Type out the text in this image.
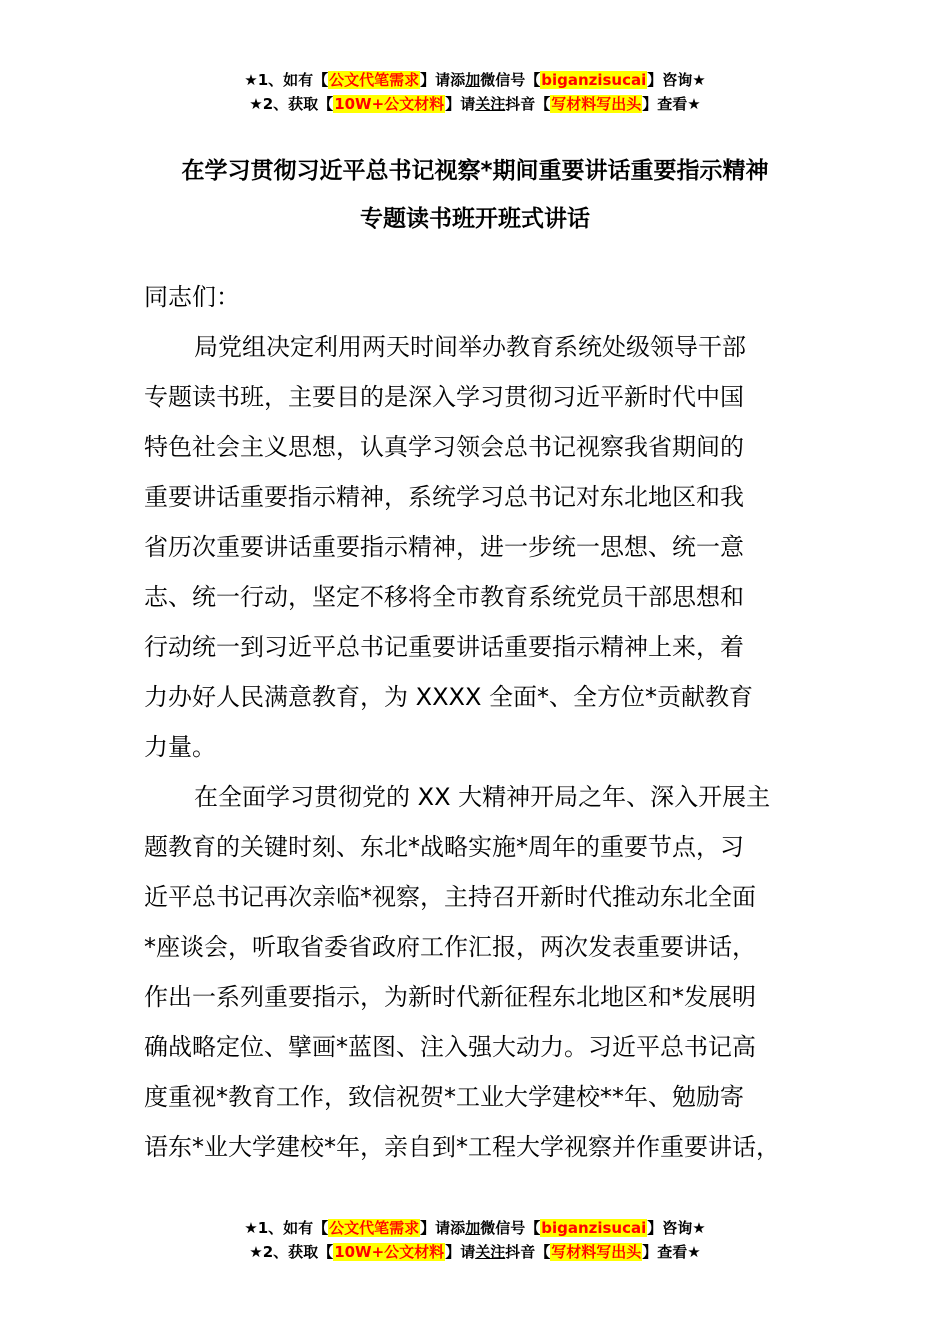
★1、如有【公文代笔需求】请添加微信号【biganzisucai】咨询★
★2、获取【10W+公文材料】请关注抖音【写材料写出头】查看★
在学习贯彻习近平总书记视察*期间重要讲话重要指示精神
专题读书班开班式讲话
同志们：
局党组决定利用两天时间举办教育系统处级领导干部
专题读书班，主要目的是深入学习贯彻习近平新时代中国
特色社会主义思想，认真学习领会总书记视察我省期间的
重要讲话重要指示精神，系统学习总书记对东北地区和我
省历次重要讲话重要指示精神，进一步统一思想、统一意
志、统一行动，坚定不移将全市教育系统党员干部思想和
行动统一到习近平总书记重要讲话重要指示精神上来，着
力办好人民满意教育，为 XXXX 全面*、全方位*贡献教育
力量。
在全面学习贯彻党的 XX 大精神开局之年、深入开展主
题教育的关键时刻、东北*战略实施*周年的重要节点，习
近平总书记再次亲临*视察，主持召开新时代推动东北全面
*座谈会，听取省委省政府工作汇报，两次发表重要讲话，
作出一系列重要指示，为新时代新征程东北地区和*发展明
确战略定位、擘画*蓝图、注入强大动力。习近平总书记高
度重视*教育工作，致信祝贺*工业大学建校**年、勉励寄
语东*业大学建校*年，亲自到*工程大学视察并作重要讲话，
★1、如有【公文代笔需求】请添加微信号【biganzisucai】咨询★
★2、获取【10W+公文材料】请关注抖音【写材料写出头】查看★
